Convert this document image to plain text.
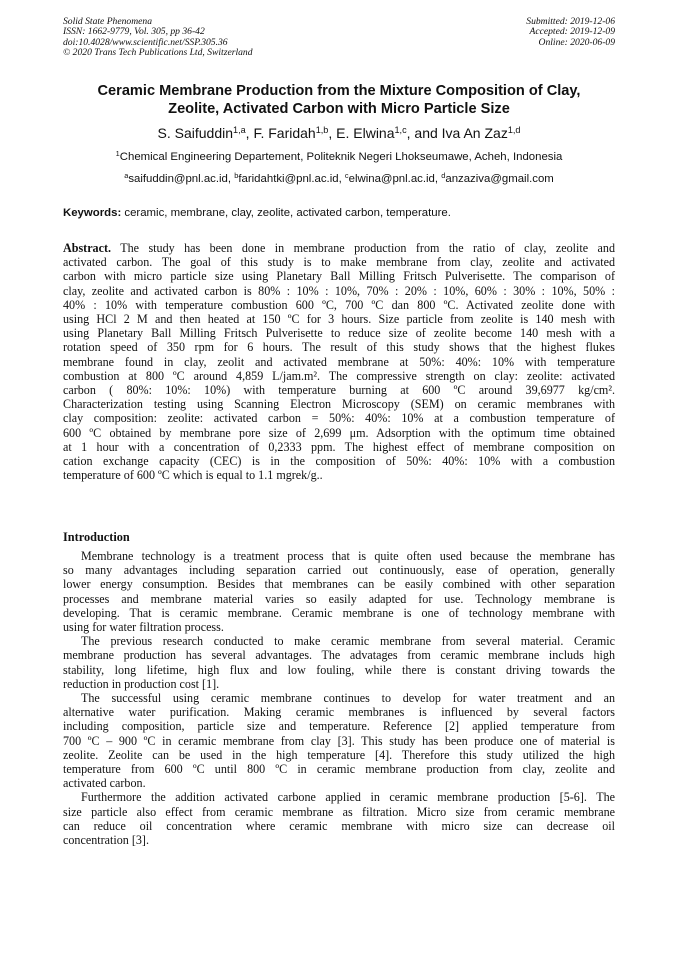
Solid State Phenomena
ISSN: 1662-9779, Vol. 305, pp 36-42
doi:10.4028/www.scientific.net/SSP.305.36
© 2020 Trans Tech Publications Ltd, Switzerland
Submitted: 2019-12-06
Accepted: 2019-12-09
Online: 2020-06-09
Ceramic Membrane Production from the Mixture Composition of Clay,
Zeolite, Activated Carbon with Micro Particle Size
S. Saifuddin$^{1,a}$, F. Faridah$^{1,b}$, E. Elwina$^{1,c}$, and Iva An Zaz$^{1,d}$
$^1$Chemical Engineering Departement, Politeknik Negeri Lhokseumawe, Acheh, Indonesia
$^a$saifuddin@pnl.ac.id, $^b$faridahtki@pnl.ac.id, $^c$elwina@pnl.ac.id, $^d$anzaziva@gmail.com
Keywords: ceramic, membrane, clay, zeolite, activated carbon, temperature.
Abstract. The study has been done in membrane production from the ratio of clay, zeolite and
activated carbon. The goal of this study is to make membrane from clay, zeolite and activated
carbon with micro particle size using Planetary Ball Milling Fritsch Pulverisette. The comparison of
clay, zeolite and activated carbon is 80% : 10% : 10%, 70% : 20% : 10%, 60% : 30% : 10%, 50% :
40% : 10% with temperature combustion 600 ºC, 700 ºC dan 800 ºC. Activated zeolite done with
using HCl 2 M and then heated at 150 ºC for 3 hours. Size particle from zeolite is 140 mesh with
using Planetary Ball Milling Fritsch Pulverisette to reduce size of zeolite become 140 mesh with a
rotation speed of 350 rpm for 6 hours. The result of this study shows that the highest flukes
membrane found in clay, zeolit and activated membrane at 50%: 40%: 10% with temperature
combustion at 800 ºC around 4,859 L/jam.m². The compressive strength on clay: zeolite: activated
carbon ( 80%: 10%: 10%) with temperature burning at 600 ºC around 39,6977 kg/cm².
Characterization testing using Scanning Electron Microscopy (SEM) on ceramic membranes with
clay composition: zeolite: activated carbon = 50%: 40%: 10% at a combustion temperature of
600 ºC obtained by membrane pore size of 2,699 μm. Adsorption with the optimum time obtained
at 1 hour with a concentration of 0,2333 ppm. The highest effect of membrane composition on
cation exchange capacity (CEC) is in the composition of 50%: 40%: 10% with a combustion
temperature of 600 ºC which is equal to 1.1 mgrek/g..
Introduction
Membrane technology is a treatment process that is quite often used because the membrane has
so many advantages including separation carried out continuously, ease of operation, generally
lower energy consumption. Besides that membranes can be easily combined with other separation
processes and membrane material varies so easily adapted for use. Technology membrane is
developing. That is ceramic membrane. Ceramic membrane is one of technology membrane with
using for water filtration process.
The previous research conducted to make ceramic membrane from several material. Ceramic
membrane production has several advantages. The advatages from ceramic membrane includs high
stability, long lifetime, high flux and low fouling, while there is constant driving towards the
reduction in production cost [1].
The successful using ceramic membrane continues to develop for water treatment and an
alternative water purification. Making ceramic membranes is influenced by several factors
including composition, particle size and temperature. Reference [2] applied temperature from
700 ºC – 900 ºC in ceramic membrane from clay [3]. This study has been produce one of material is
zeolite. Zeolite can be used in the high temperature [4]. Therefore this study utilized the high
temperature from 600 ºC until 800 ºC in ceramic membrane production from clay, zeolite and
activated carbon.
Furthermore the addition activated carbone applied in ceramic membrane production [5-6]. The
size particle also effect from ceramic membrane as filtration. Micro size from ceramic membrane
can reduce oil concentration where ceramic membrane with micro size can decrease oil
concentration [3].
